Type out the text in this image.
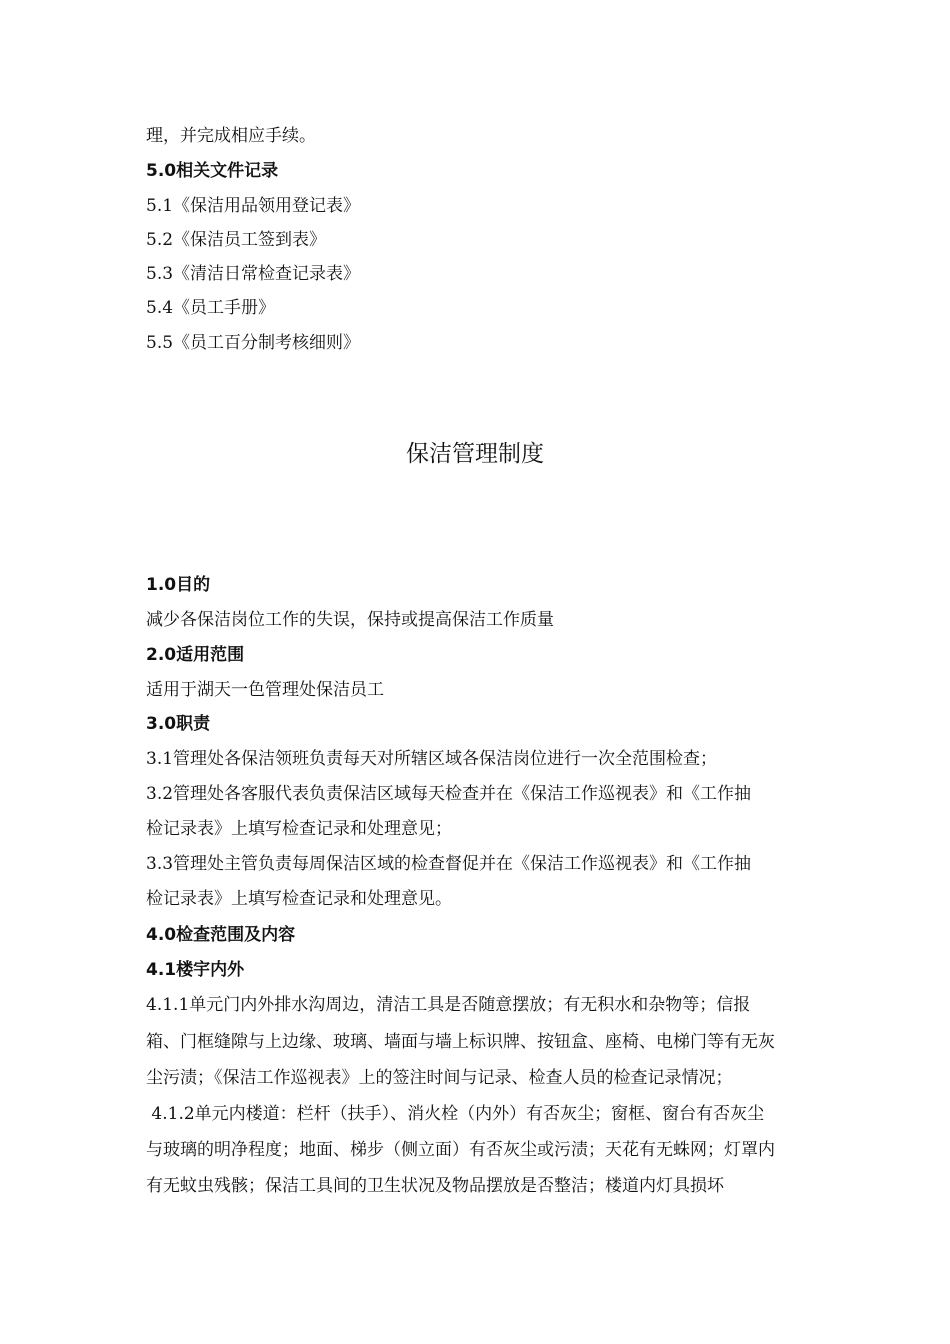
理，并完成相应手续。
5.0相关文件记录
5.1《保洁用品领用登记表》
5.2《保洁员工签到表》
5.3《清洁日常检查记录表》
5.4《员工手册》
5.5《员工百分制考核细则》
保洁管理制度
1.0目的
减少各保洁岗位工作的失误，保持或提高保洁工作质量
2.0适用范围
适用于湖天一色管理处保洁员工
3.0职责
3.1管理处各保洁领班负责每天对所辖区域各保洁岗位进行一次全范围检查；
3.2管理处各客服代表负责保洁区域每天检查并在《保洁工作巡视表》和《工作抽
检记录表》上填写检查记录和处理意见；
3.3管理处主管负责每周保洁区域的检查督促并在《保洁工作巡视表》和《工作抽
检记录表》上填写检查记录和处理意见。
4.0检查范围及内容
4.1楼宇内外
4.1.1单元门内外排水沟周边，清洁工具是否随意摆放；有无积水和杂物等；信报
箱、门框缝隙与上边缘、玻璃、墙面与墙上标识牌、按钮盒、座椅、电梯门等有无灰
尘污渍；《保洁工作巡视表》上的签注时间与记录、检查人员的检查记录情况；
4.1.2单元内楼道：栏杆（扶手）、消火栓（内外）有否灰尘；窗框、窗台有否灰尘
与玻璃的明净程度；地面、梯步（侧立面）有否灰尘或污渍；天花有无蛛网；灯罩内
有无蚊虫残骸；保洁工具间的卫生状况及物品摆放是否整洁；楼道内灯具损坏
